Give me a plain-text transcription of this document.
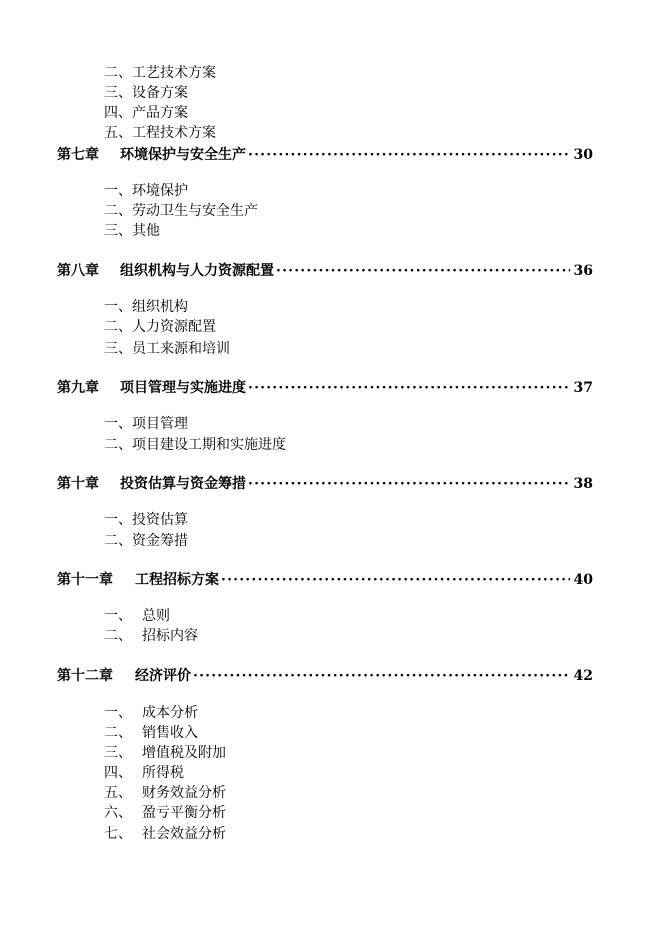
二、工艺技术方案
三、设备方案
四、产品方案
五、工程技术方案
第七章	环境保护与安全生产 ·····	30
一、环境保护
二、劳动卫生与安全生产
三、其他
第八章	组织机构与人力资源配置 ·····	36
一、组织机构
二、人力资源配置
三、员工来源和培训
第九章	项目管理与实施进度 ·····	37
一、项目管理
二、项目建设工期和实施进度
第十章	投资估算与资金筹措 ·····	38
一、投资估算
二、资金筹措
第十一章	工程招标方案 ·····	40
一、 总则
二、 招标内容
第十二章	经济评价 ·····	42
一、 成本分析
二、 销售收入
三、 增值税及附加
四、 所得税
五、 财务效益分析
六、 盈亏平衡分析
七、 社会效益分析
